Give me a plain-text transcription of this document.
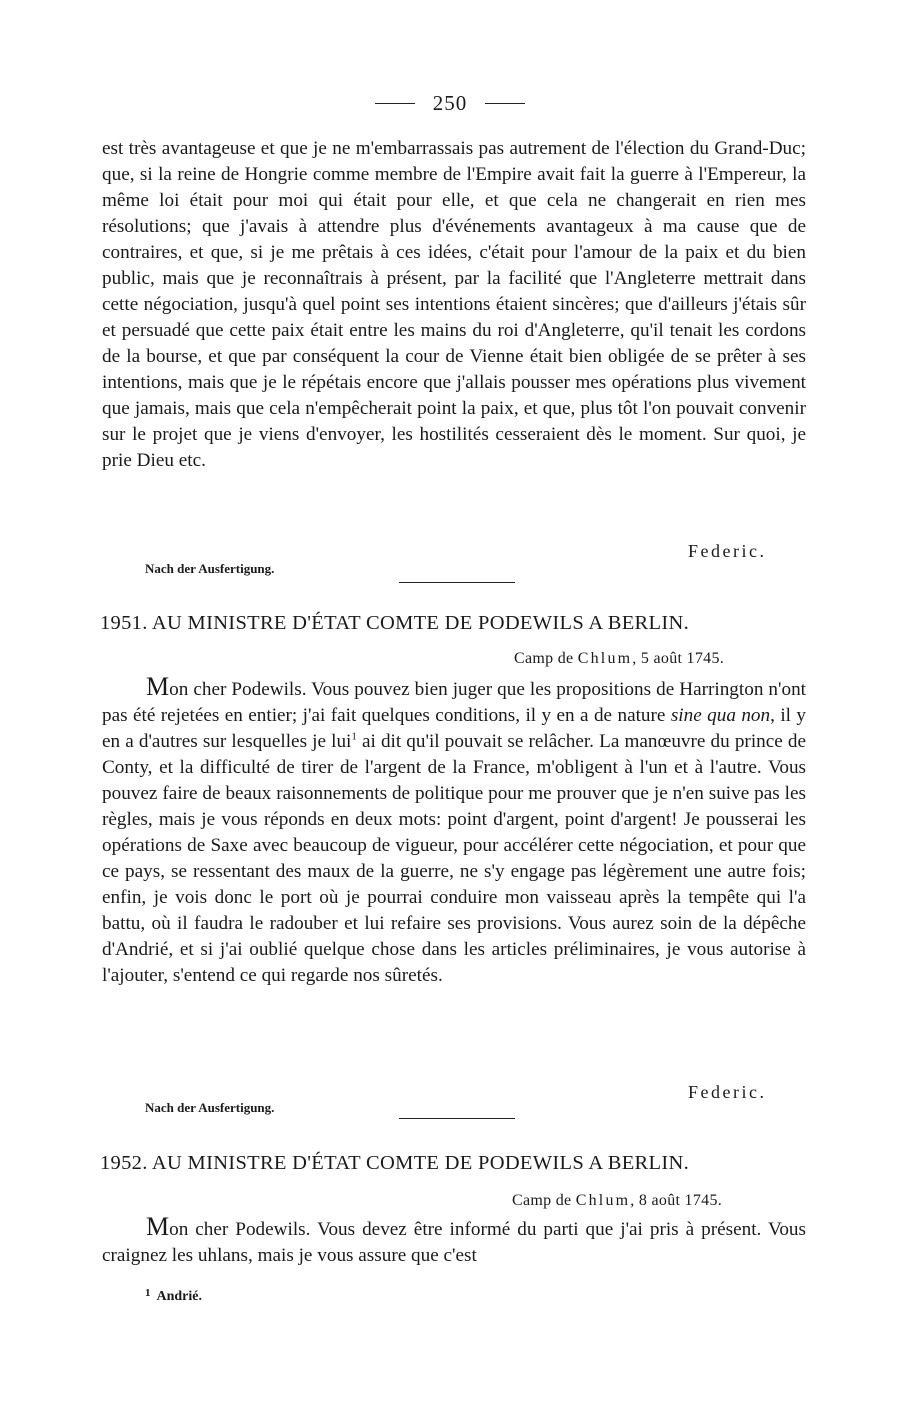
250

est très avantageuse et que je ne m'embarrassais pas autrement de l'élection du Grand-Duc; que, si la reine de Hongrie comme membre de l'Empire avait fait la guerre à l'Empereur, la même loi était pour moi qui était pour elle, et que cela ne changerait en rien mes résolutions; que j'avais à attendre plus d'événements avantageux à ma cause que de contraires, et que, si je me prêtais à ces idées, c'était pour l'amour de la paix et du bien public, mais que je reconnaîtrais à présent, par la facilité que l'Angleterre mettrait dans cette négociation, jusqu'à quel point ses intentions étaient sincères; que d'ailleurs j'étais sûr et persuadé que cette paix était entre les mains du roi d'Angleterre, qu'il tenait les cordons de la bourse, et que par conséquent la cour de Vienne était bien obligée de se prêter à ses intentions, mais que je le répétais encore que j'allais pousser mes opérations plus vivement que jamais, mais que cela n'empêcherait point la paix, et que, plus tôt l'on pouvait convenir sur le projet que je viens d'envoyer, les hostilités cesseraient dès le moment. Sur quoi, je prie Dieu etc.

Federic.
Nach der Ausfertigung.
1951. AU MINISTRE D'ÉTAT COMTE DE PODEWILS A BERLIN.
Camp de Chlum, 5 août 1745.

Mon cher Podewils. Vous pouvez bien juger que les propositions de Harrington n'ont pas été rejetées en entier; j'ai fait quelques conditions, il y en a de nature sine qua non, il y en a d'autres sur lesquelles je lui$^1$ ai dit qu'il pouvait se relâcher. La manœuvre du prince de Conty, et la difficulté de tirer de l'argent de la France, m'obligent à l'un et à l'autre. Vous pouvez faire de beaux raisonnements de politique pour me prouver que je n'en suive pas les règles, mais je vous réponds en deux mots: point d'argent, point d'argent! Je pousserai les opérations de Saxe avec beaucoup de vigueur, pour accélérer cette négociation, et pour que ce pays, se ressentant des maux de la guerre, ne s'y engage pas légèrement une autre fois; enfin, je vois donc le port où je pourrai conduire mon vaisseau après la tempête qui l'a battu, où il faudra le radouber et lui refaire ses provisions. Vous aurez soin de la dépêche d'Andrié, et si j'ai oublié quelque chose dans les articles préliminaires, je vous autorise à l'ajouter, s'entend ce qui regarde nos sûretés.

Federic.
Nach der Ausfertigung.
1952. AU MINISTRE D'ÉTAT COMTE DE PODEWILS A BERLIN.
Camp de Chlum, 8 août 1745.

Mon cher Podewils. Vous devez être informé du parti que j'ai pris à présent. Vous craignez les uhlans, mais je vous assure que c'est

$^1$ Andrié.
